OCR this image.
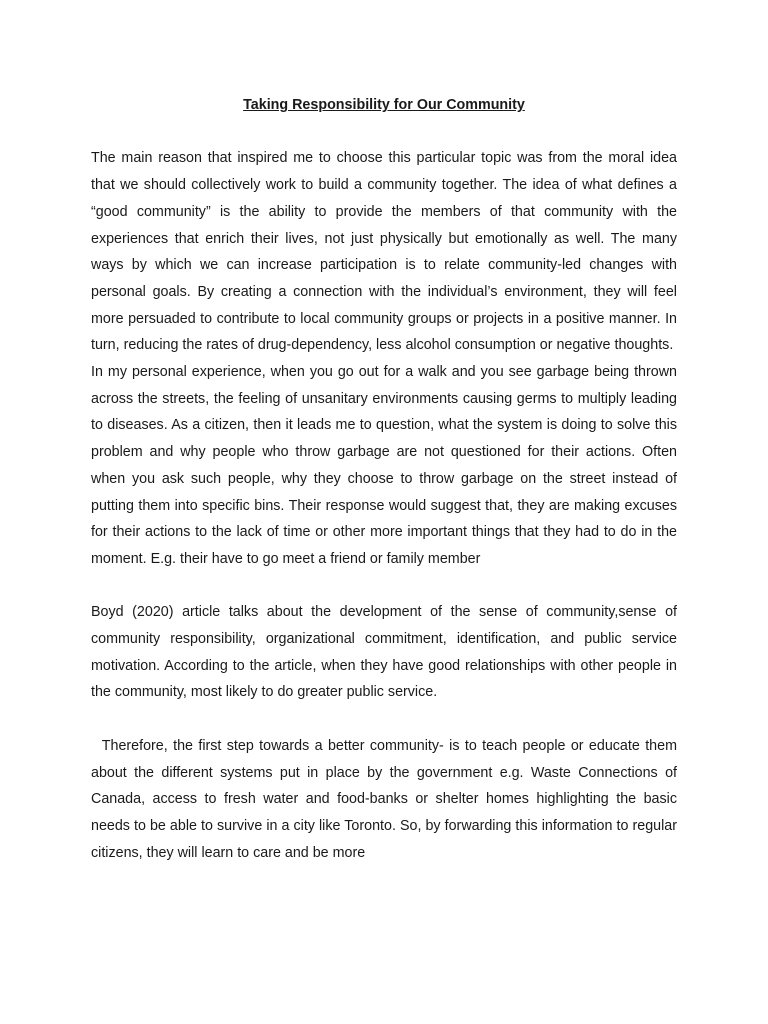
Taking Responsibility for Our Community

The main reason that inspired me to choose this particular topic was from the moral idea that we should collectively work to build a community together. The idea of what defines a “good community” is the ability to provide the members of that community with the experiences that enrich their lives, not just physically but emotionally as well. The many ways by which we can increase participation is to relate community-led changes with personal goals. By creating a connection with the individual’s environment, they will feel more persuaded to contribute to local community groups or projects in a positive manner. In turn, reducing the rates of drug-dependency, less alcohol consumption or negative thoughts.

In my personal experience, when you go out for a walk and you see garbage being thrown across the streets, the feeling of unsanitary environments causing germs to multiply leading to diseases. As a citizen, then it leads me to question, what the system is doing to solve this problem and why people who throw garbage are not questioned for their actions. Often when you ask such people, why they choose to throw garbage on the street instead of putting them into specific bins. Their response would suggest that, they are making excuses for their actions to the lack of time or other more important things that they had to do in the moment. E.g. their have to go meet a friend or family member

Boyd (2020) article talks about the development of the sense of community,sense of community responsibility, organizational commitment, identification, and public service motivation. According to the article, when they have good relationships with other people in the community, most likely to do greater public service.

Therefore, the first step towards a better community- is to teach people or educate them about the different systems put in place by the government e.g. Waste Connections of Canada, access to fresh water and food-banks or shelter homes highlighting the basic needs to be able to survive in a city like Toronto. So, by forwarding this information to regular citizens, they will learn to care and be more
